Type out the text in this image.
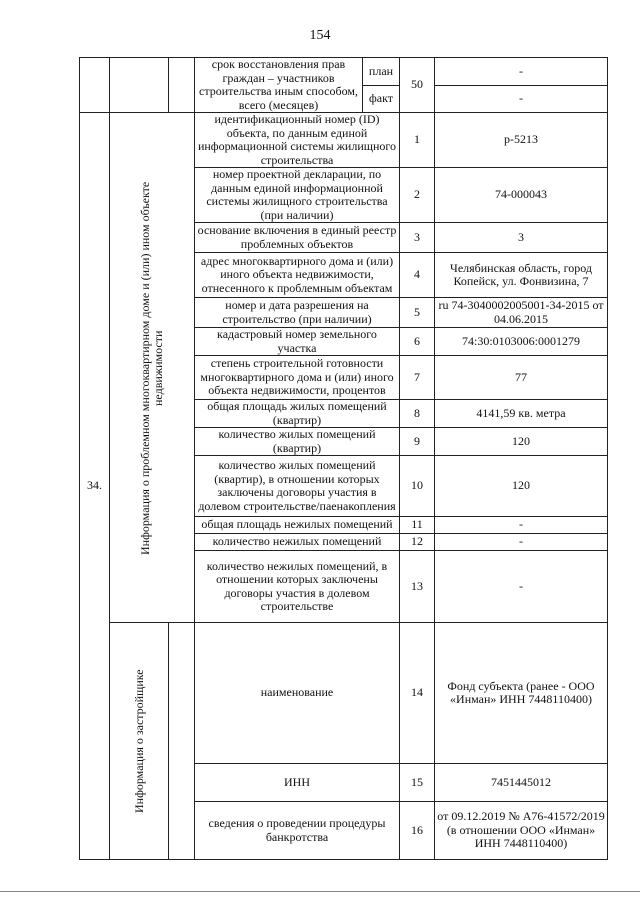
154
			срок восстановления прав граждан – участников строительства иным способом, всего (месяцев)	план	50	-
				факт		-
34.	Информация о проблемном многоквартирном доме и (или) ином объекте недвижимости		идентификационный номер (ID) объекта, по данным единой информационной системы жилищного строительства		1	р-5213
			номер проектной декларации, по данным единой информационной системы жилищного строительства (при наличии)		2	74-000043
			основание включения в единый реестр проблемных объектов		3	3
			адрес многоквартирного дома и (или) иного объекта недвижимости, отнесенного к проблемным объектам		4	Челябинская область, город Копейск, ул. Фонвизина, 7
			номер и дата разрешения на строительство (при наличии)		5	ru 74-3040002005001-34-2015 от 04.06.2015
			кадастровый номер земельного участка		6	74:30:0103006:0001279
			степень строительной готовности многоквартирного дома и (или) иного объекта недвижимости, процентов		7	77
			общая площадь жилых помещений (квартир)		8	4141,59 кв. метра
			количество жилых помещений (квартир)		9	120
			количество жилых помещений (квартир), в отношении которых заключены договоры участия в долевом строительстве/паенакопления		10	120
			общая площадь нежилых помещений		11	-
			количество нежилых помещений		12	-
			количество нежилых помещений, в отношении которых заключены договоры участия в долевом строительстве		13	-

	Информация о застройщике		наименование		14	Фонд субъекта (ранее - ООО «Инман» ИНН 7448110400)
			ИНН		15	7451445012
			сведения о проведении процедуры банкротства		16	от 09.12.2019 № А76-41572/2019 (в отношении ООО «Инман» ИНН 7448110400)
